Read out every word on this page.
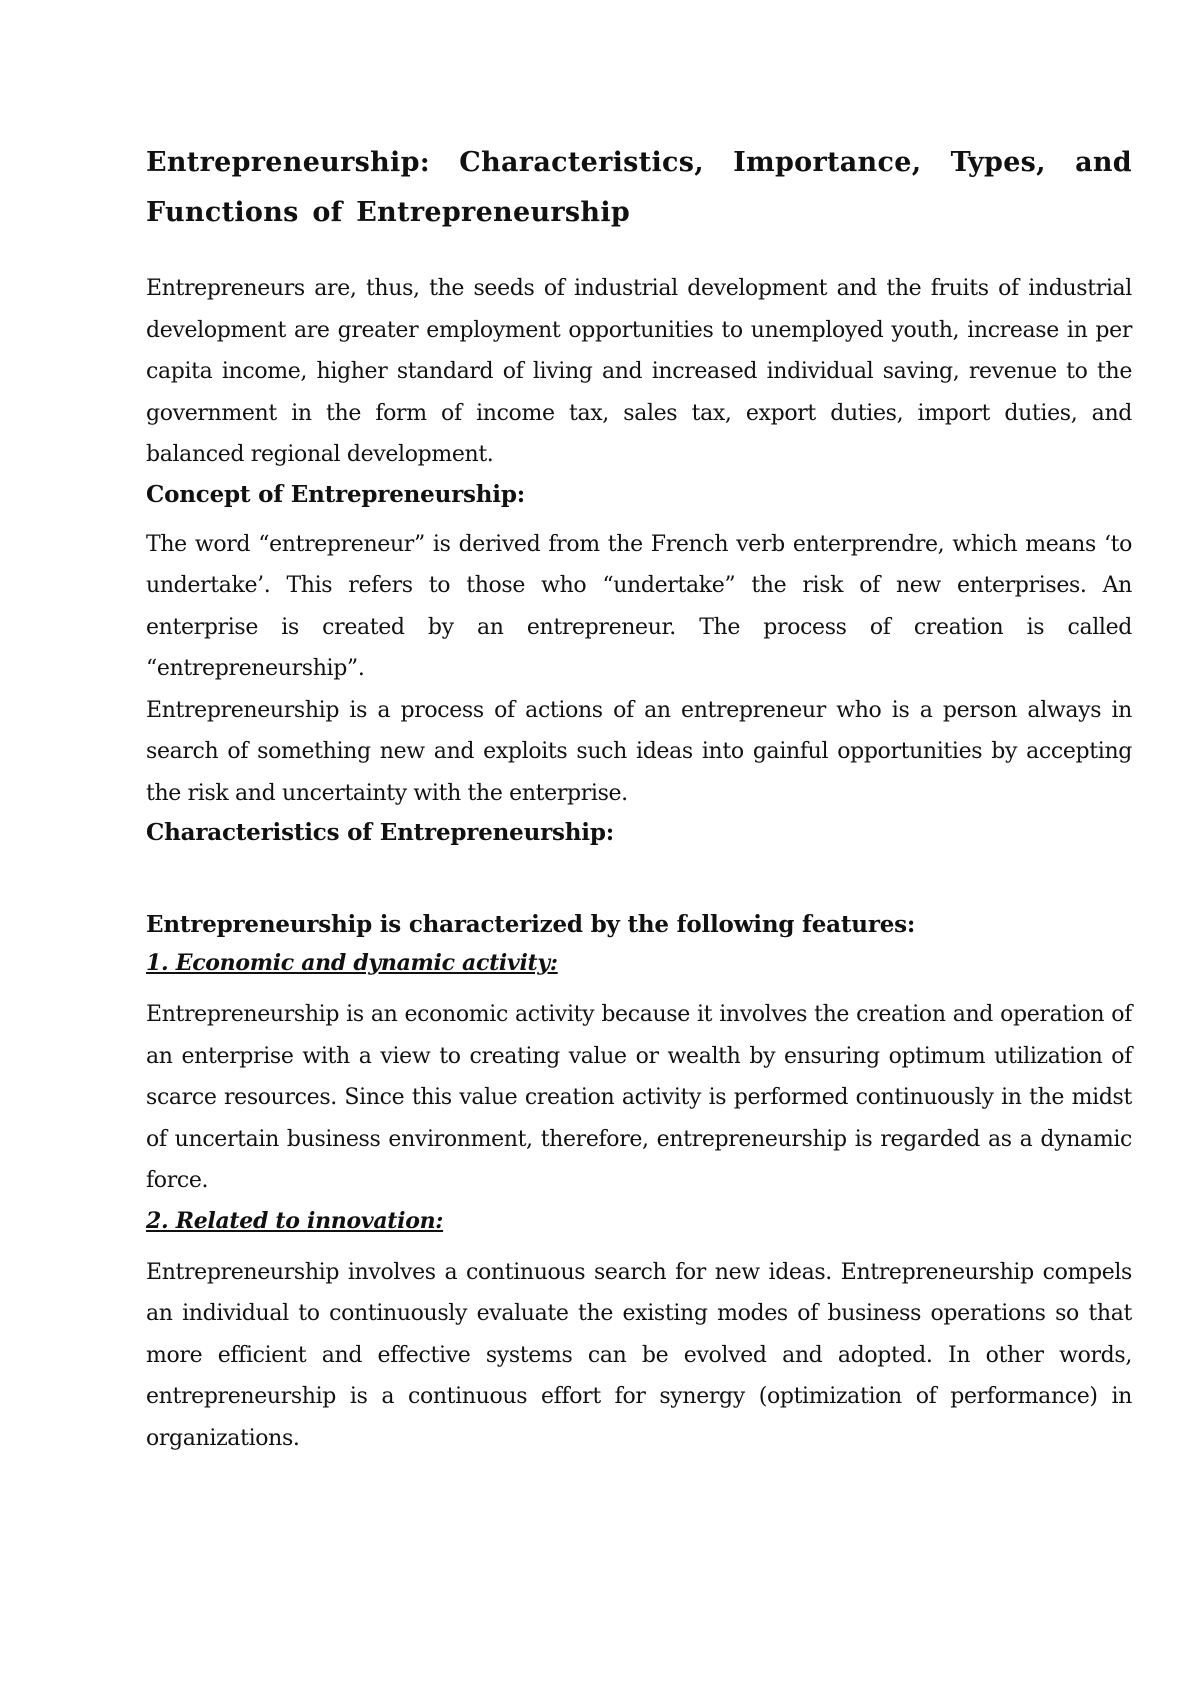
Entrepreneurship: Characteristics, Importance, Types, and
Functions of Entrepreneurship

Entrepreneurs are, thus, the seeds of industrial development and the fruits of industrial development are greater employment opportunities to unemployed youth, increase in per capita income, higher standard of living and increased individual saving, revenue to the government in the form of income tax, sales tax, export duties, import duties, and balanced regional development.

Concept of Entrepreneurship:

The word “entrepreneur” is derived from the French verb enterprendre, which means ‘to undertake’. This refers to those who “undertake” the risk of new enterprises. An enterprise is created by an entrepreneur. The process of creation is called “entrepreneurship”.

Entrepreneurship is a process of actions of an entrepreneur who is a person always in search of something new and exploits such ideas into gainful opportunities by accepting the risk and uncertainty with the enterprise.

Characteristics of Entrepreneurship:
Entrepreneurship is characterized by the following features:
1. Economic and dynamic activity:

Entrepreneurship is an economic activity because it involves the creation and operation of an enterprise with a view to creating value or wealth by ensuring optimum utilization of scarce resources. Since this value creation activity is performed continuously in the midst of uncertain business environment, therefore, entrepreneurship is regarded as a dynamic force.

2. Related to innovation:

Entrepreneurship involves a continuous search for new ideas. Entrepreneurship compels an individual to continuously evaluate the existing modes of business operations so that more efficient and effective systems can be evolved and adopted. In other words, entrepreneurship is a continuous effort for synergy (optimization of performance) in organizations.
